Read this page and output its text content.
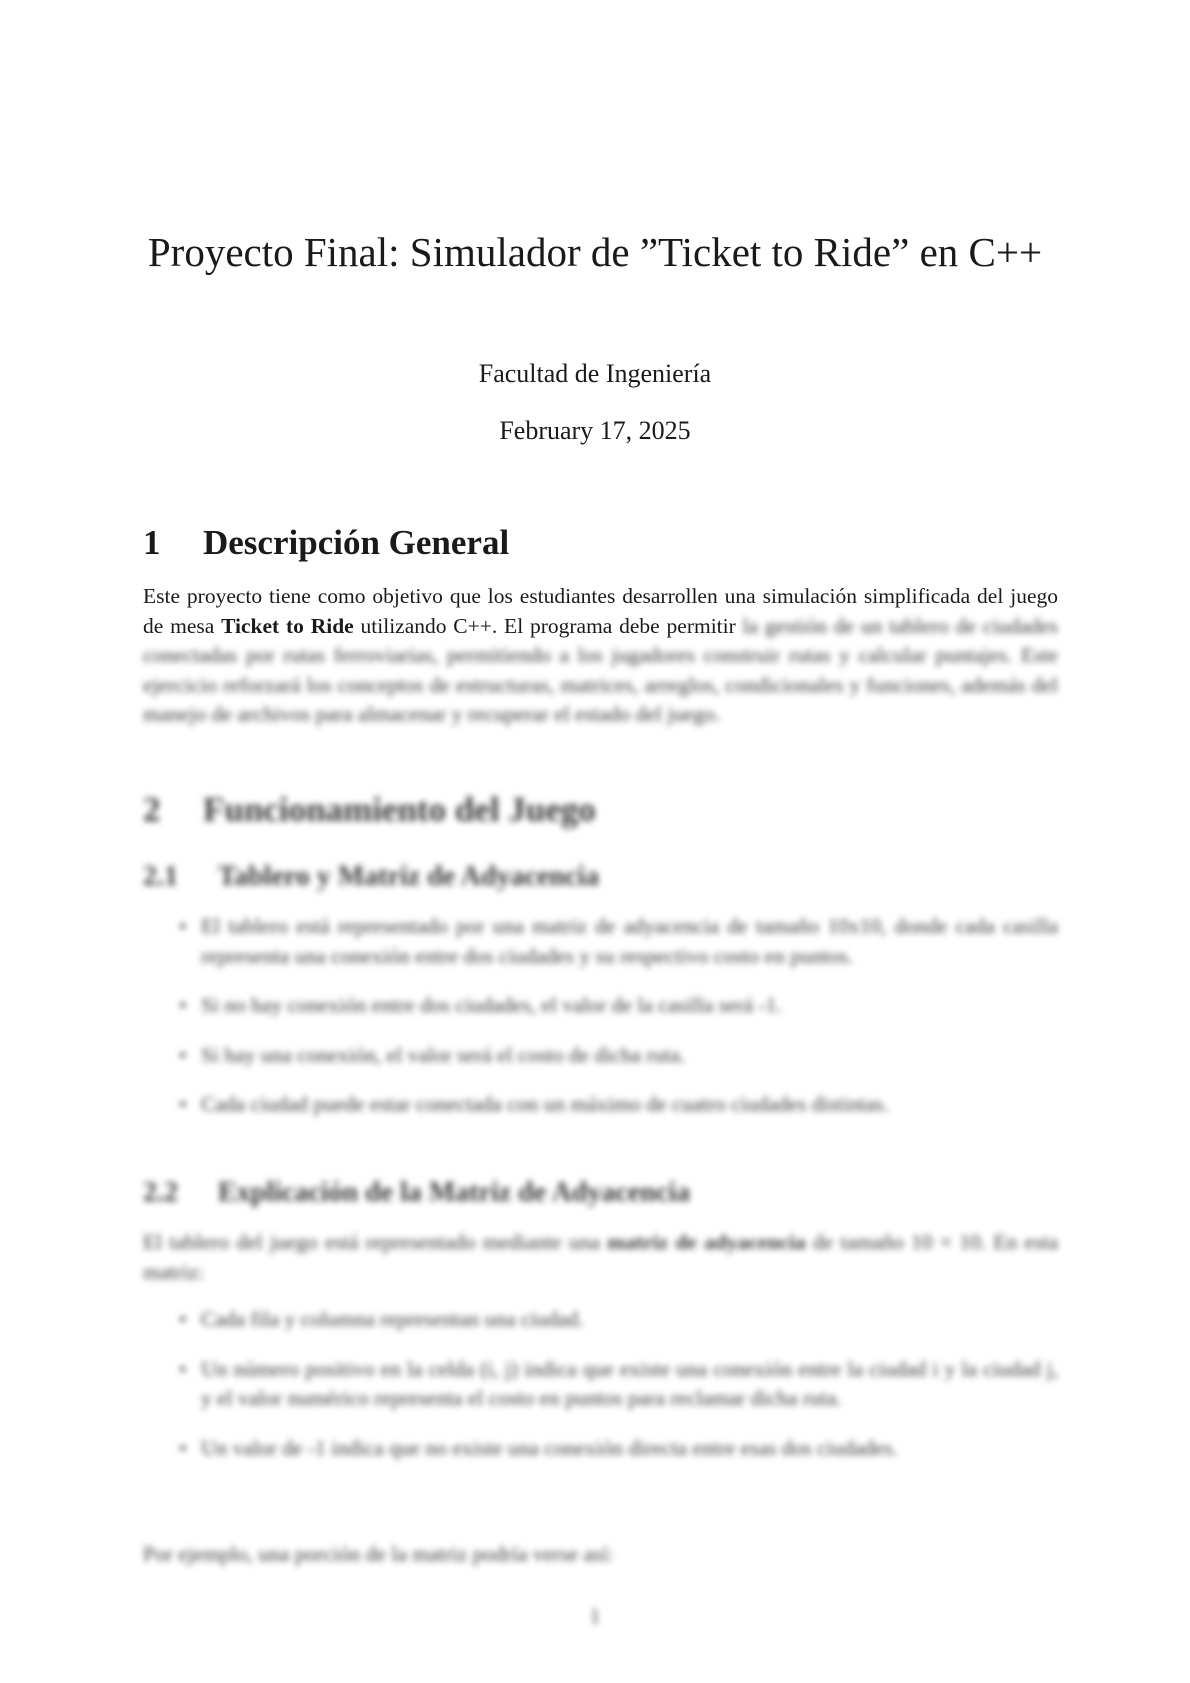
Proyecto Final: Simulador de ”Ticket to Ride” en C++
Facultad de Ingeniería
February 17, 2025
1 Descripción General
Este proyecto tiene como objetivo que los estudiantes desarrollen una simulación simplificada del juego de mesa Ticket to Ride utilizando C++. El programa debe permitir la gestión de un tablero de ciudades conectadas por rutas ferroviarias, permitiendo a los jugadores construir rutas y calcular puntajes. Este ejercicio reforzará los conceptos de estructuras, matrices, arreglos, condicionales y funciones, además del manejo de archivos para almacenar y recuperar el estado del juego.
2 Funcionamiento del Juego
2.1 Tablero y Matriz de Adyacencia
• El tablero está representado por una matriz de adyacencia de tamaño 10x10, donde cada casilla representa una conexión entre dos ciudades y su respectivo costo en puntos.
• Si no hay conexión entre dos ciudades, el valor de la casilla será -1.
• Si hay una conexión, el valor será el costo de dicha ruta.
• Cada ciudad puede estar conectada con un máximo de cuatro ciudades distintas.
2.2 Explicación de la Matriz de Adyacencia
El tablero del juego está representado mediante una matriz de adyacencia de tamaño 10 × 10. En esta matriz:
• Cada fila y columna representan una ciudad.
• Un número positivo en la celda (i, j) indica que existe una conexión entre la ciudad i y la ciudad j, y el valor numérico representa el costo en puntos para reclamar dicha ruta.
• Un valor de -1 indica que no existe una conexión directa entre esas dos ciudades.
Por ejemplo, una porción de la matriz podría verse así:
1
